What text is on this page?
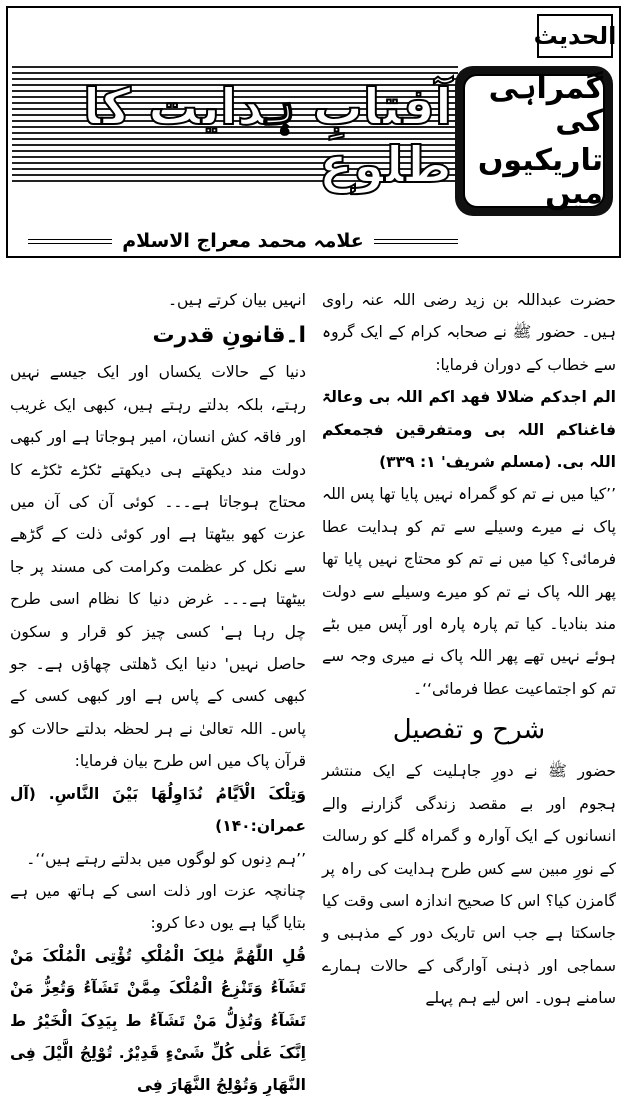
آفتابِ ہدایت کا طلوع
الحدیث
گمراہی کی
تاریکیوں میں
علامہ محمد معراج الاسلام

حضرت عبداللہ بن زید رضی اللہ عنہ راوی ہیں۔ حضور ﷺ نے صحابہ کرام کے ایک گروہ سے خطاب کے دوران فرمایا:

الم اجدکم ضلالا فھد اکم اللہ بی وعالۃ فاغناکم اللہ بی ومتفرقین فجمعکم اللہ بی. (مسلم شریف' ۱: ۳۳۹)

’’کیا میں نے تم کو گمراہ نہیں پایا تھا پس اللہ پاک نے میرے وسیلے سے تم کو ہدایت عطا فرمائی؟ کیا میں نے تم کو محتاج نہیں پایا تھا پھر اللہ پاک نے تم کو میرے وسیلے سے دولت مند بنادیا۔ کیا تم پارہ پارہ اور آپس میں بٹے ہوئے نہیں تھے پھر اللہ پاک نے میری وجہ سے تم کو اجتماعیت عطا فرمائی‘‘۔

شرح و تفصیل

حضور ﷺ نے دورِ جاہلیت کے ایک منتشر ہجوم اور بے مقصد زندگی گزارنے والے انسانوں کے ایک آوارہ و گمراہ گلے کو رسالت کے نورِ مبین سے کس طرح ہدایت کی راہ پر گامزن کیا؟ اس کا صحیح اندازہ اسی وقت کیا جاسکتا ہے جب اس تاریک دور کے مذہبی و سماجی اور ذہنی آوارگی کے حالات ہمارے سامنے ہوں۔ اس لیے ہم پہلے

انہیں بیان کرتے ہیں۔

ا۔قانونِ قدرت

دنیا کے حالات یکساں اور ایک جیسے نہیں رہتے، بلکہ بدلتے رہتے ہیں، کبھی ایک غریب اور فاقہ کش انسان، امیر ہوجاتا ہے اور کبھی دولت مند دیکھتے ہی دیکھتے ٹکڑے ٹکڑے کا محتاج ہوجاتا ہے۔۔۔ کوئی آن کی آن میں عزت کھو بیٹھتا ہے اور کوئی ذلت کے گڑھے سے نکل کر عظمت وکرامت کی مسند پر جا بیٹھتا ہے۔۔۔ غرض دنیا کا نظام اسی طرح چل رہا ہے' کسی چیز کو قرار و سکون حاصل نہیں' دنیا ایک ڈھلتی چھاؤں ہے۔ جو کبھی کسی کے پاس ہے اور کبھی کسی کے پاس۔ اللہ تعالیٰ نے ہر لحظہ بدلتے حالات کو قرآن پاک میں اس طرح بیان فرمایا:

وَتِلْکَ الْاَیَّامُ نُدَاوِلُھَا بَیْنَ النَّاسِ. (آل عمران:۱۴۰)

’’ہم دِنوں کو لوگوں میں بدلتے رہتے ہیں‘‘۔

چنانچہ عزت اور ذلت اسی کے ہاتھ میں ہے بتایا گیا ہے یوں دعا کرو:

قُلِ اللّٰھُمَّ مٰلِکَ الْمُلْکِ تُؤْتِی الْمُلْکَ مَنْ تَشَآءُ وَتَنْزِعُ الْمُلْکَ مِمَّنْ تَشَآءُ وَتُعِزُّ مَنْ تَشَآءُ وَتُذِلُّ مَنْ تَشَآءُ ط بِیَدِکَ الْخَیْرُ ط اِنَّکَ عَلٰی کُلِّ شَیْءٍ قَدِیْرٌ. تُوْلِجُ الَّیْلَ فِی النَّھَارِ وَتُوْلِجُ النَّھَارَ فِی
